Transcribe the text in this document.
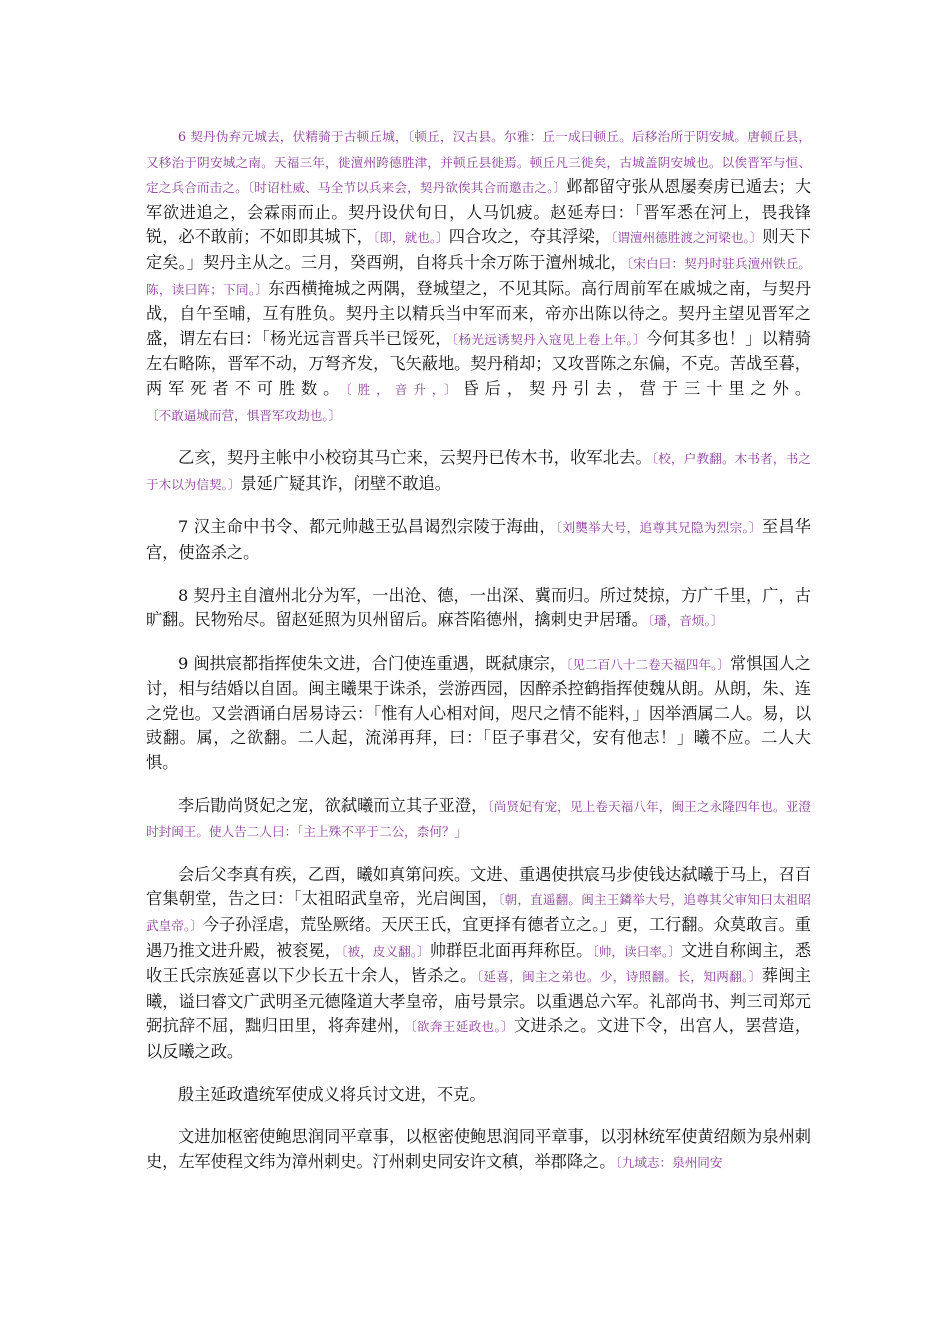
6 契丹伪弃元城去，伏精骑于古顿丘城，〔顿丘，汉古县。尔雅：丘一成曰顿丘。后移治所于阴安城。唐顿丘县，又移治于阴安城之南。天福三年，徙澶州跨德胜津，并顿丘县徙焉。顿丘凡三徙矣，古城盖阴安城也。以俟晋军与恒、定之兵合而击之。〔时诏杜威、马全节以兵来会，契丹欲俟其合而邀击之。〕邺都留守张从恩屡奏虏已遁去；大军欲进追之，会霖雨而止。契丹设伏旬日，人马饥疲。赵延寿曰：「晋军悉在河上，畏我锋锐，必不敢前；不如即其城下，〔即，就也。〕四合攻之，夺其浮梁，〔谓澶州德胜渡之河梁也。〕则天下定矣。」契丹主从之。三月，癸酉朔，自将兵十余万陈于澶州城北，〔宋白曰：契丹时驻兵澶州铁丘。陈，读曰阵；下同。〕东西横掩城之两隅，登城望之，不见其际。高行周前军在戚城之南，与契丹战，自午至晡，互有胜负。契丹主以精兵当中军而来，帝亦出陈以待之。契丹主望见晋军之盛，谓左右曰：「杨光远言晋兵半已馁死，〔杨光远诱契丹入寇见上卷上年。〕今何其多也！」以精骑左右略陈，晋军不动，万弩齐发，飞矢蔽地。契丹稍却；又攻晋陈之东偏，不克。苦战至暮，两军死者不可胜数。〔胜，音升，〕昏后，契丹引去，营于三十里之外。〔不敢逼城而营，惧晋军攻劫也。〕

乙亥，契丹主帐中小校窃其马亡来，云契丹已传木书，收军北去。〔校，户教翻。木书者，书之于木以为信契。〕景延广疑其诈，闭壁不敢追。

7 汉主命中书令、都元帅越王弘昌谒烈宗陵于海曲，〔刘龑举大号，追尊其兄隐为烈宗。〕至昌华宫，使盗杀之。

8 契丹主自澶州北分为军，一出沧、德，一出深、冀而归。所过焚掠，方广千里，广，古旷翻。民物殆尽。留赵延照为贝州留后。麻荅陷德州，擒刺史尹居璠。〔璠，音烦。〕

9 闽拱宸都指挥使朱文进，合门使连重遇，既弑康宗，〔见二百八十二卷天福四年。〕常惧国人之讨，相与结婚以自固。闽主曦果于诛杀，尝游西园，因醉杀控鹤指挥使魏从朗。从朗，朱、连之党也。又尝酒诵白居易诗云：「惟有人心相对间，咫尺之情不能料，」因举酒属二人。易，以豉翻。属，之欲翻。二人起，流涕再拜，曰：「臣子事君父，安有他志！」曦不应。二人大惧。

李后勖尚贤妃之宠，欲弑曦而立其子亚澄，〔尚贤妃有宠，见上卷天福八年，闽王之永隆四年也。亚澄时封闽王。使人告二人曰：「主上殊不平于二公，柰何？」

会后父李真有疾，乙酉，曦如真第问疾。文进、重遇使拱宸马步使钱达弑曦于马上，召百官集朝堂，告之曰：「太祖昭武皇帝，光启闽国，〔朝，直遥翻。闽主王鏻举大号，追尊其父审知曰太祖昭武皇帝。〕今子孙淫虐，荒坠厥绪。天厌王氏，宜更择有德者立之。」更，工行翻。众莫敢言。重遇乃推文进升殿，被衮冕，〔被，皮义翻。〕帅群臣北面再拜称臣。〔帅，读曰率。〕文进自称闽主，悉收王氏宗族延喜以下少长五十余人，皆杀之。〔延喜，闽主之弟也。少，诗照翻。长，知两翻。〕葬闽主曦，谥曰睿文广武明圣元德隆道大孝皇帝，庙号景宗。以重遇总六军。礼部尚书、判三司郑元弼抗辞不屈，黜归田里，将奔建州，〔欲奔王延政也。〕文进杀之。文进下令，出宫人，罢营造，以反曦之政。

殷主延政遣统军使成义将兵讨文进，不克。

文进加枢密使鲍思润同平章事，以枢密使鲍思润同平章事，以羽林统军使黄绍颇为泉州刺史，左军使程文纬为漳州刺史。汀州刺史同安许文稹，举郡降之。〔九域志：泉州同安
